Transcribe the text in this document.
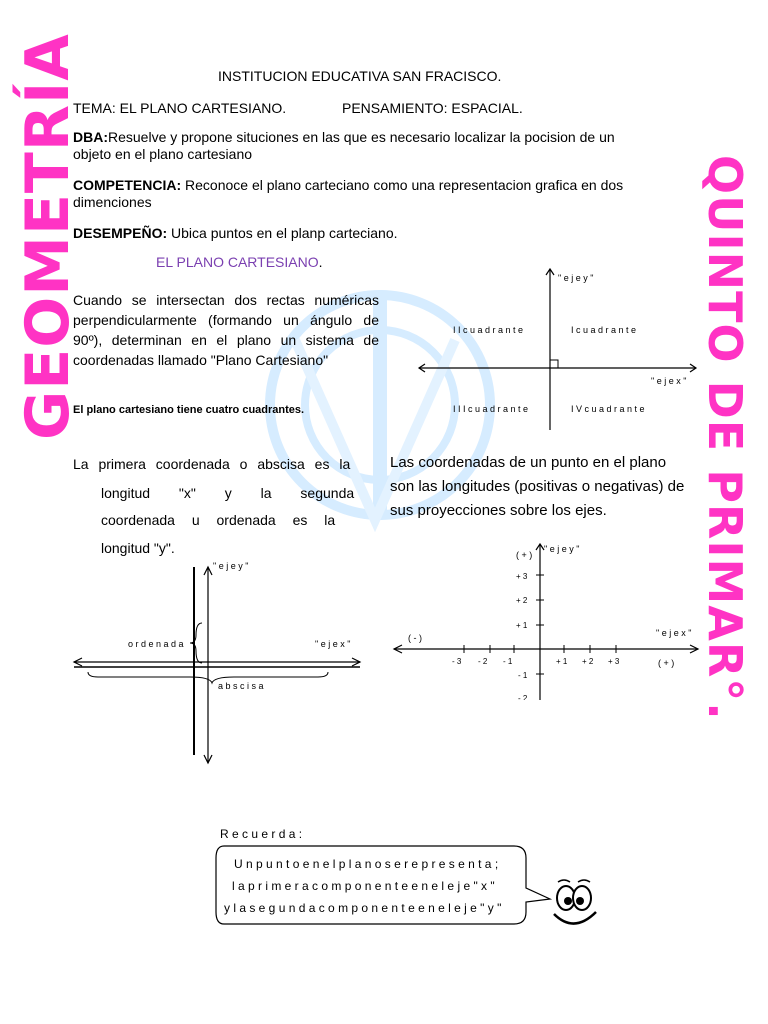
GEOMETRÍA	QUINTO DE PRIMAR°.
INSTITUCION EDUCATIVA SAN FRACISCO.
TEMA: EL PLANO CARTESIANO.	PENSAMIENTO: ESPACIAL.
DBA:Resuelve y propone situciones en las que es necesario localizar la pocision de un
objeto en el plano cartesiano
COMPETENCIA: Reconoce el plano carteciano como una representacion grafica en dos
dimenciones
DESEMPEÑO: Ubica puntos en el planp carteciano.
EL PLANO CARTESIANO.
Cuando se intersectan dos rectas numéricas
perpendicularmente (formando un ángulo de
90º), determinan en el plano un sistema de
coordenadas llamado "Plano Cartesiano"
El plano cartesiano tiene cuatro cuadrantes.
" e j e y "
" e j e x "
I I c u a d r a n t e	I c u a d r a n t e
I I I c u a d r a n t e	I V c u a d r a n t e
La primera coordenada o abscisa es la
longitud "x" y la segunda
coordenada u ordenada es la
longitud "y".
Las coordenadas de un punto en el plano
son las longitudes (positivas o negativas) de
sus proyecciones sobre los ejes.
" e j e y "
" e j e x "
o r d e n a d a
a b s c i s a
( + )
" e j e y "
" e j e x "
( - )
( + )
+ 3
+ 2
+ 1
- 1
- 2
- 3 - 2 - 1	+ 1 + 2 + 3
R e c u e r d a :
U n p u n t o e n e l p l a n o s e r e p r e s e n t a ;
l a p r i m e r a c o m p o n e n t e e n e l e j e " x "
y l a s e g u n d a c o m p o n e n t e e n e l e j e " y "
